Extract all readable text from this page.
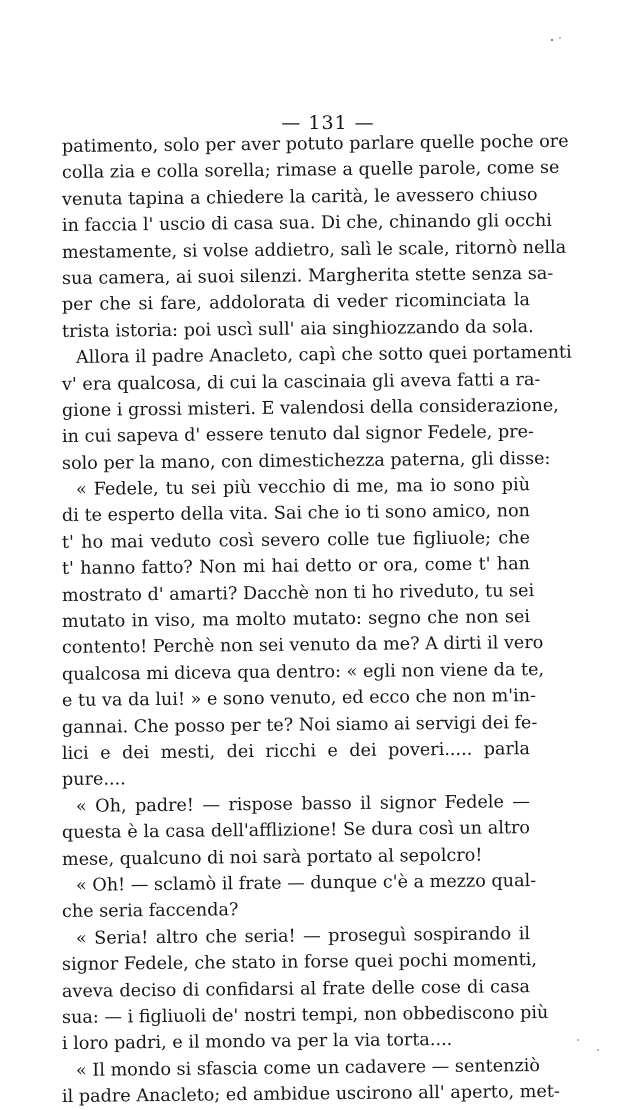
— 131 —
patimento, solo per aver potuto parlare quelle poche ore
colla zia e colla sorella; rimase a quelle parole, come se
venuta tapina a chiedere la carità, le avessero chiuso
in faccia l' uscio di casa sua. Di che, chinando gli occhi
mestamente, si volse addietro, salì le scale, ritornò nella
sua camera, ai suoi silenzi. Margherita stette senza sa-
per che si fare, addolorata di veder ricominciata la
trista istoria: poi uscì sull' aia singhiozzando da sola.
Allora il padre Anacleto, capì che sotto quei portamenti
v' era qualcosa, di cui la cascinaia gli aveva fatti a ra-
gione i grossi misteri. E valendosi della considerazione,
in cui sapeva d' essere tenuto dal signor Fedele, pre-
solo per la mano, con dimestichezza paterna, gli disse:
« Fedele, tu sei più vecchio di me, ma io sono più
di te esperto della vita. Sai che io ti sono amico, non
t' ho mai veduto così severo colle tue figliuole; che
t' hanno fatto? Non mi hai detto or ora, come t' han
mostrato d' amarti? Dacchè non ti ho riveduto, tu sei
mutato in viso, ma molto mutato: segno che non sei
contento! Perchè non sei venuto da me? A dirti il vero
qualcosa mi diceva qua dentro: « egli non viene da te,
e tu va da lui! » e sono venuto, ed ecco che non m'in-
gannai. Che posso per te? Noi siamo ai servigi dei fe-
lici e dei mesti, dei ricchi e dei poveri..... parla
pure....
« Oh, padre! — rispose basso il signor Fedele —
questa è la casa dell'afflizione! Se dura così un altro
mese, qualcuno di noi sarà portato al sepolcro!
« Oh! — sclamò il frate — dunque c'è a mezzo qual-
che seria faccenda?
« Seria! altro che seria! — proseguì sospirando il
signor Fedele, che stato in forse quei pochi momenti,
aveva deciso di confidarsi al frate delle cose di casa
sua: — i figliuoli de' nostri tempi, non obbediscono più
i loro padri, e il mondo va per la via torta....
« Il mondo si sfascia come un cadavere — sentenziò
il padre Anacleto; ed ambidue uscirono all' aperto, met-
